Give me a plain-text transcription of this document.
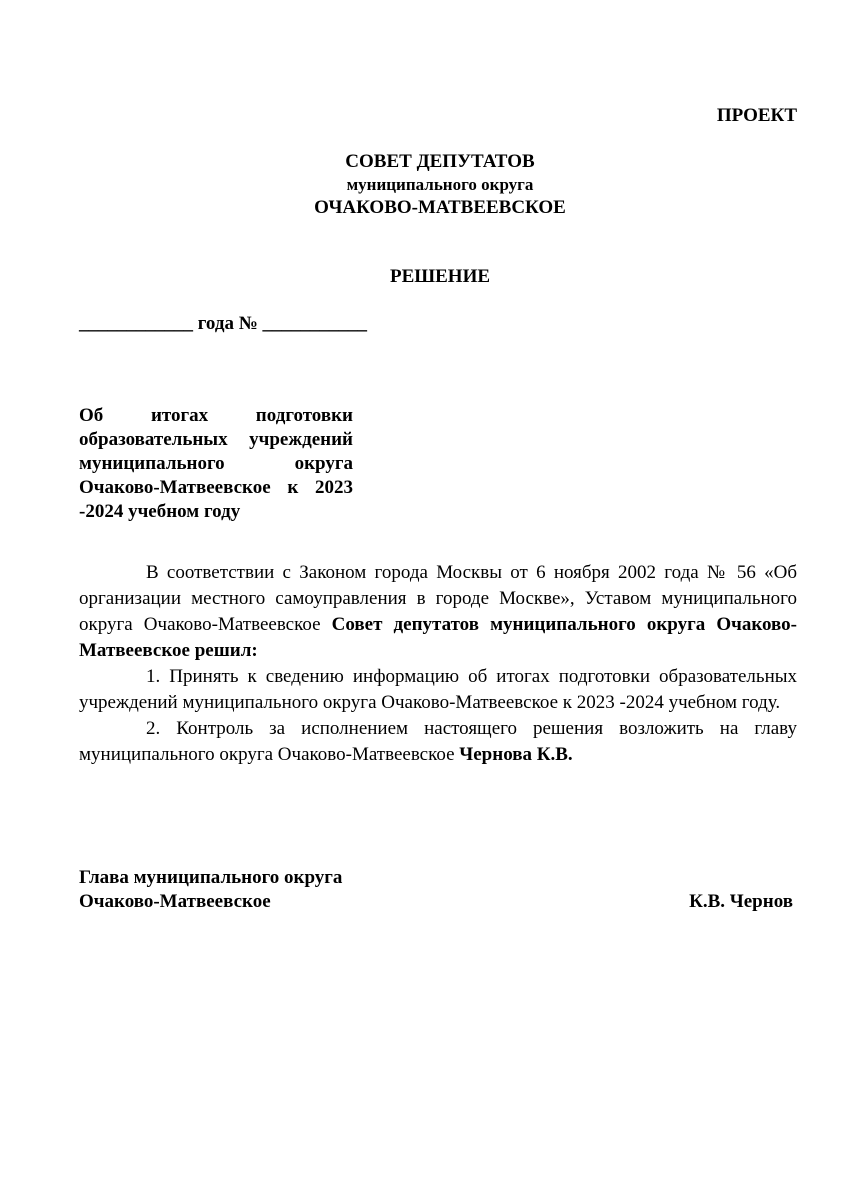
ПРОЕКТ
СОВЕТ ДЕПУТАТОВ
муниципального округа
ОЧАКОВО-МАТВЕЕВСКОЕ
РЕШЕНИЕ
____________ года № ___________
Об итогах подготовки образовательных учреждений муниципального округа Очаково-Матвеевское к 2023 -2024 учебном году

В соответствии с Законом города Москвы от 6 ноября 2002 года № 56 «Об организации местного самоуправления в городе Москве», Уставом муниципального округа Очаково-Матвеевское Совет депутатов муниципального округа Очаково-Матвеевское решил:

1. Принять к сведению информацию об итогах подготовки образовательных учреждений муниципального округа Очаково-Матвеевское к 2023 -2024 учебном году.

2. Контроль за исполнением настоящего решения возложить на главу муниципального округа Очаково-Матвеевское Чернова К.В.

Глава муниципального округа
Очаково-Матвеевское	К.В. Чернов
